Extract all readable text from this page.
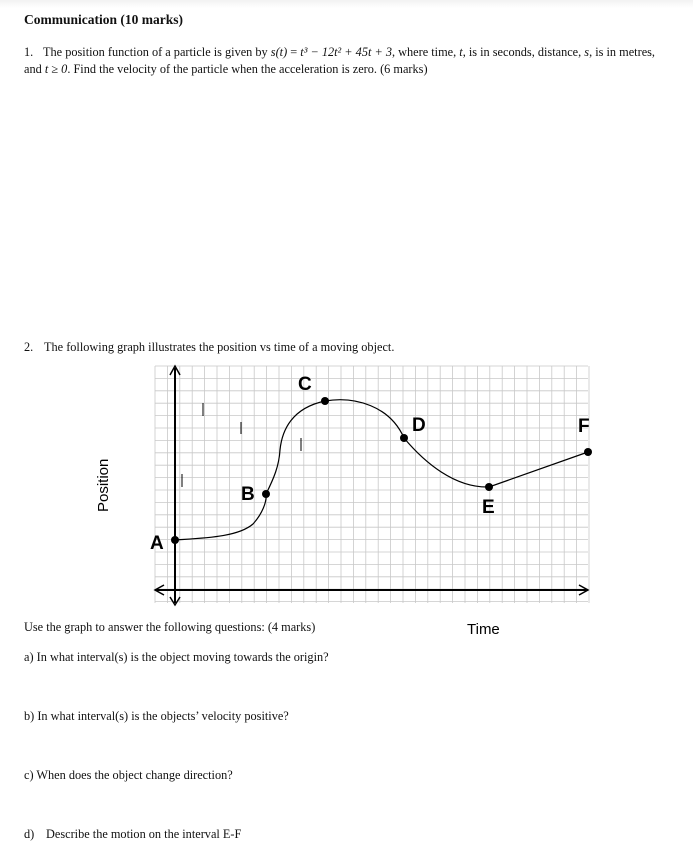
Communication (10 marks)
1. The position function of a particle is given by s(t) = t³ − 12t² + 45t + 3, where time, t, is in seconds, distance, s, is in metres, and t ≥ 0. Find the velocity of the particle when the acceleration is zero. (6 marks)
2. The following graph illustrates the position vs time of a moving object.
A
B
C
D
E
F
Position
Time
Use the graph to answer the following questions: (4 marks)
a) In what interval(s) is the object moving towards the origin?
b) In what interval(s) is the objects’ velocity positive?
c) When does the object change direction?
d) Describe the motion on the interval E-F
